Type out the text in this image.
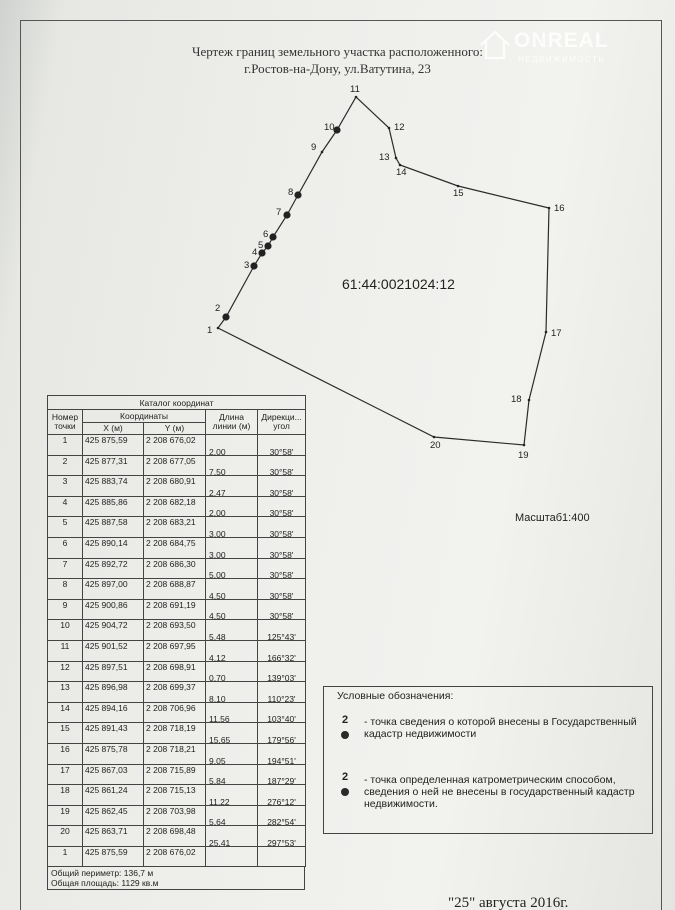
ONREAL
НЕДВИЖИМОСТЬ
Чертеж границ земельного участка расположенного:
г.Ростов-на-Дону, ул.Ватутина, 23
1
2
3
4
5
6
7
8
9
10
11
12
13
14
15
16
17
18
19
20
61:44:0021024:12
Масштаб1:400
Каталог координат				
Номер точки	Координаты		Длина линии (м)	Дирекци... угол
	X (м)	Y (м)		
1	425 875,59	2 208 676,02		
2	425 877,31	2 208 677,05	2,00	30°58'
3	425 883,74	2 208 680,91	7,50	30°58'
4	425 885,86	2 208 682,18	2,47	30°58'
5	425 887,58	2 208 683,21	2,00	30°58'
6	425 890,14	2 208 684,75	3,00	30°58'
7	425 892,72	2 208 686,30	3,00	30°58'
8	425 897,00	2 208 688,87	5,00	30°58'
9	425 900,86	2 208 691,19	4,50	30°58'
10	425 904,72	2 208 693,50	4,50	30°58'
11	425 901,52	2 208 697,95	5,48	125°43'
12	425 897,51	2 208 698,91	4,12	166°32'
13	425 896,98	2 208 699,37	0,70	139°03'
14	425 894,16	2 208 706,96	8,10	110°23'
15	425 891,43	2 208 718,19	11,56	103°40'
16	425 875,78	2 208 718,21	15,65	179°56'
17	425 867,03	2 208 715,89	9,05	194°51'
18	425 861,24	2 208 715,13	5,84	187°29'
19	425 862,45	2 208 703,98	11,22	276°12'
20	425 863,71	2 208 698,48	5,64	282°54'
1	425 875,59	2 208 676,02	25,41	297°53'
Общий периметр: 136,7 м
Общая площадь: 1129 кв.м
Условные обозначения:
2 - точка сведения о которой внесены в Государственный кадастр недвижимости
2 - точка определенная катрометрическим способом, сведения о ней не внесены в государственный кадастр недвижимости.
"25" августа 2016г.
